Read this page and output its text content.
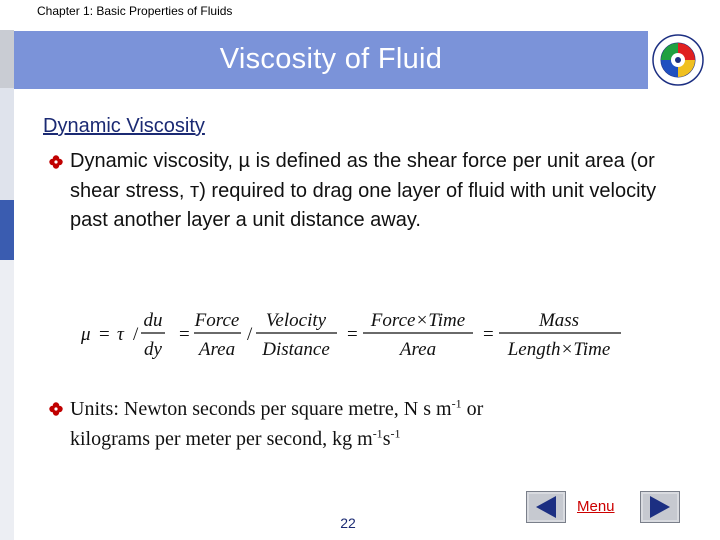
Chapter 1: Basic Properties of Fluids
Viscosity of Fluid
Dynamic Viscosity
Dynamic viscosity, µ is defined as the shear force per unit area (or shear stress, т) required to drag one layer of fluid with unit velocity past another layer a unit distance away.
μ = τ /
du
dy
=
Force
Area
/
Velocity
Distance
=
Force×Time
Area
=
Mass
Length×Time
Units: Newton seconds per square metre, N s $m^{-1}$ or
kilograms per meter per second, kg $m^{-1}s^{-1}$
22
Menu
